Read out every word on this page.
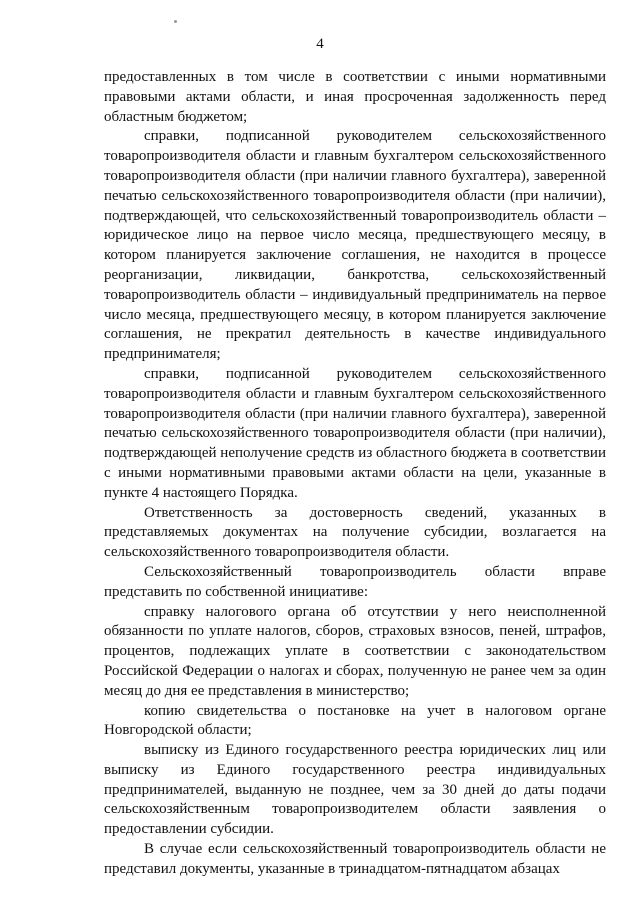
4

предоставленных в том числе в соответствии с иными нормативными правовыми актами области, и иная просроченная задолженность перед областным бюджетом;

справки, подписанной руководителем сельскохозяйственного товаропроизводителя области и главным бухгалтером сельскохозяйственного товаропроизводителя области (при наличии главного бухгалтера), заверенной печатью сельскохозяйственного товаропроизводителя области (при наличии), подтверждающей, что сельскохозяйственный товаропроизводитель области – юридическое лицо на первое число месяца, предшествующего месяцу, в котором планируется заключение соглашения, не находится в процессе реорганизации, ликвидации, банкротства, сельскохозяйственный товаропроизводитель области – индивидуальный предприниматель на первое число месяца, предшествующего месяцу, в котором планируется заключение соглашения, не прекратил деятельность в качестве индивидуального предпринимателя;

справки, подписанной руководителем сельскохозяйственного товаропроизводителя области и главным бухгалтером сельскохозяйственного товаропроизводителя области (при наличии главного бухгалтера), заверенной печатью сельскохозяйственного товаропроизводителя области (при наличии), подтверждающей неполучение средств из областного бюджета в соответствии с иными нормативными правовыми актами области на цели, указанные в пункте 4 настоящего Порядка.

Ответственность за достоверность сведений, указанных в представляемых документах на получение субсидии, возлагается на сельскохозяйственного товаропроизводителя области.

Сельскохозяйственный товаропроизводитель области вправе представить по собственной инициативе:

справку налогового органа об отсутствии у него неисполненной обязанности по уплате налогов, сборов, страховых взносов, пеней, штрафов, процентов, подлежащих уплате в соответствии с законодательством Российской Федерации о налогах и сборах, полученную не ранее чем за один месяц до дня ее представления в министерство;

копию свидетельства о постановке на учет в налоговом органе Новгородской области;

выписку из Единого государственного реестра юридических лиц или выписку из Единого государственного реестра индивидуальных предпринимателей, выданную не позднее, чем за 30 дней до даты подачи сельскохозяйственным товаропроизводителем области заявления о предоставлении субсидии.

В случае если сельскохозяйственный товаропроизводитель области не представил документы, указанные в тринадцатом-пятнадцатом абзацах
